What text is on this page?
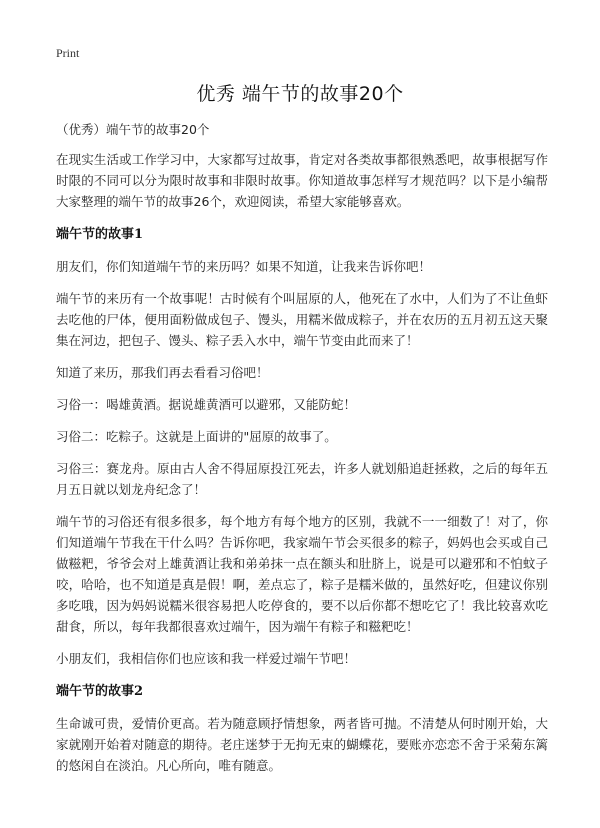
Print
优秀 端午节的故事20个

（优秀）端午节的故事20个

在现实生活或工作学习中，大家都写过故事，肯定对各类故事都很熟悉吧，故事根据写作时限的不同可以分为限时故事和非限时故事。你知道故事怎样写才规范吗？以下是小编帮大家整理的端午节的故事26个，欢迎阅读，希望大家能够喜欢。

端午节的故事1

朋友们，你们知道端午节的来历吗？如果不知道，让我来告诉你吧！

端午节的来历有一个故事呢！古时候有个叫屈原的人，他死在了水中，人们为了不让鱼虾去吃他的尸体，便用面粉做成包子、馒头，用糯米做成粽子，并在农历的五月初五这天聚集在河边，把包子、馒头、粽子丢入水中，端午节变由此而来了！

知道了来历，那我们再去看看习俗吧！

习俗一：喝雄黄酒。据说雄黄酒可以避邪，又能防蛇！

习俗二：吃粽子。这就是上面讲的"屈原的故事了。

习俗三：赛龙舟。原由古人舍不得屈原投江死去，许多人就划船追赶拯救，之后的每年五月五日就以划龙舟纪念了！

端午节的习俗还有很多很多，每个地方有每个地方的区别，我就不一一细数了！对了，你们知道端午节我在干什么吗？告诉你吧，我家端午节会买很多的粽子，妈妈也会买或自己做糍粑，爷爷会对上雄黄酒让我和弟弟抹一点在额头和肚脐上，说是可以避邪和不怕蚊子咬，哈哈，也不知道是真是假！啊，差点忘了，粽子是糯米做的，虽然好吃，但建议你别多吃哦，因为妈妈说糯米很容易把人吃停食的，要不以后你都不想吃它了！我比较喜欢吃甜食，所以，每年我都很喜欢过端午，因为端午有粽子和糍粑吃！

小朋友们，我相信你们也应该和我一样爱过端午节吧！

端午节的故事2

生命诚可贵，爱情价更高。若为随意顾抒情想象，两者皆可抛。不清楚从何时刚开始，大家就刚开始着对随意的期待。老庄迷梦于无拘无束的蝴蝶花，要账亦恋恋不舍于采菊东篱的悠闲自在淡泊。凡心所向，唯有随意。
